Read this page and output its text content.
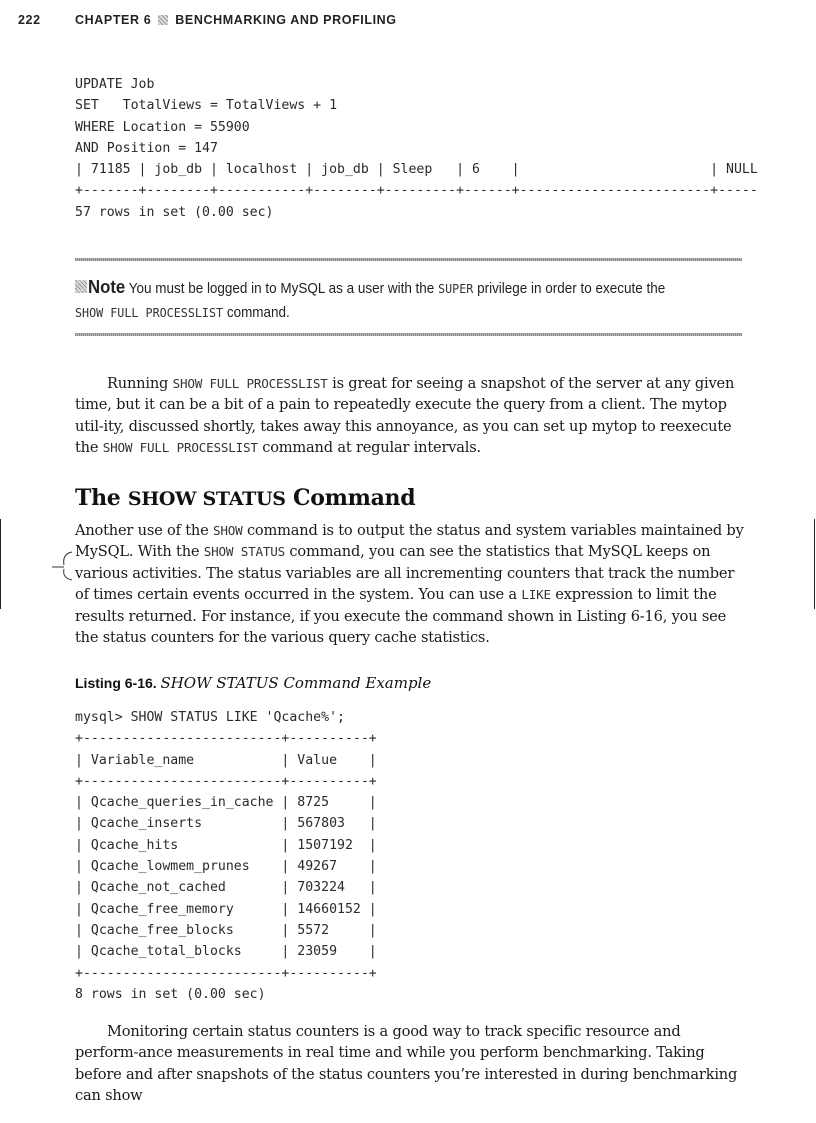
222	CHAPTER 6 BENCHMARKING AND PROFILING
UPDATE Job
SET   TotalViews = TotalViews + 1
WHERE Location = 55900
AND Position = 147
| 71185 | job_db | localhost | job_db | Sleep   | 6    |                        | NULL
+-------+--------+-----------+--------+---------+------+------------------------+-----
57 rows in set (0.00 sec)
Note You must be logged in to MySQL as a user with the SUPER privilege in order to execute the
SHOW FULL PROCESSLIST command.

Running SHOW FULL PROCESSLIST is great for seeing a snapshot of the server at any given time, but it can be a bit of a pain to repeatedly execute the query from a client. The mytop util-ity, discussed shortly, takes away this annoyance, as you can set up mytop to reexecute the SHOW FULL PROCESSLIST command at regular intervals.

The SHOW STATUS Command

Another use of the SHOW command is to output the status and system variables maintained by MySQL. With the SHOW STATUS command, you can see the statistics that MySQL keeps on various activities. The status variables are all incrementing counters that track the number of times certain events occurred in the system. You can use a LIKE expression to limit the results returned. For instance, if you execute the command shown in Listing 6-16, you see the status counters for the various query cache statistics.

Listing 6-16. SHOW STATUS Command Example
mysql> SHOW STATUS LIKE 'Qcache%';
+-------------------------+----------+
| Variable_name           | Value    |
+-------------------------+----------+
| Qcache_queries_in_cache | 8725     |
| Qcache_inserts          | 567803   |
| Qcache_hits             | 1507192  |
| Qcache_lowmem_prunes    | 49267    |
| Qcache_not_cached       | 703224   |
| Qcache_free_memory      | 14660152 |
| Qcache_free_blocks      | 5572     |
| Qcache_total_blocks     | 23059    |
+-------------------------+----------+
8 rows in set (0.00 sec)

Monitoring certain status counters is a good way to track specific resource and perform-ance measurements in real time and while you perform benchmarking. Taking before and after snapshots of the status counters you’re interested in during benchmarking can show
